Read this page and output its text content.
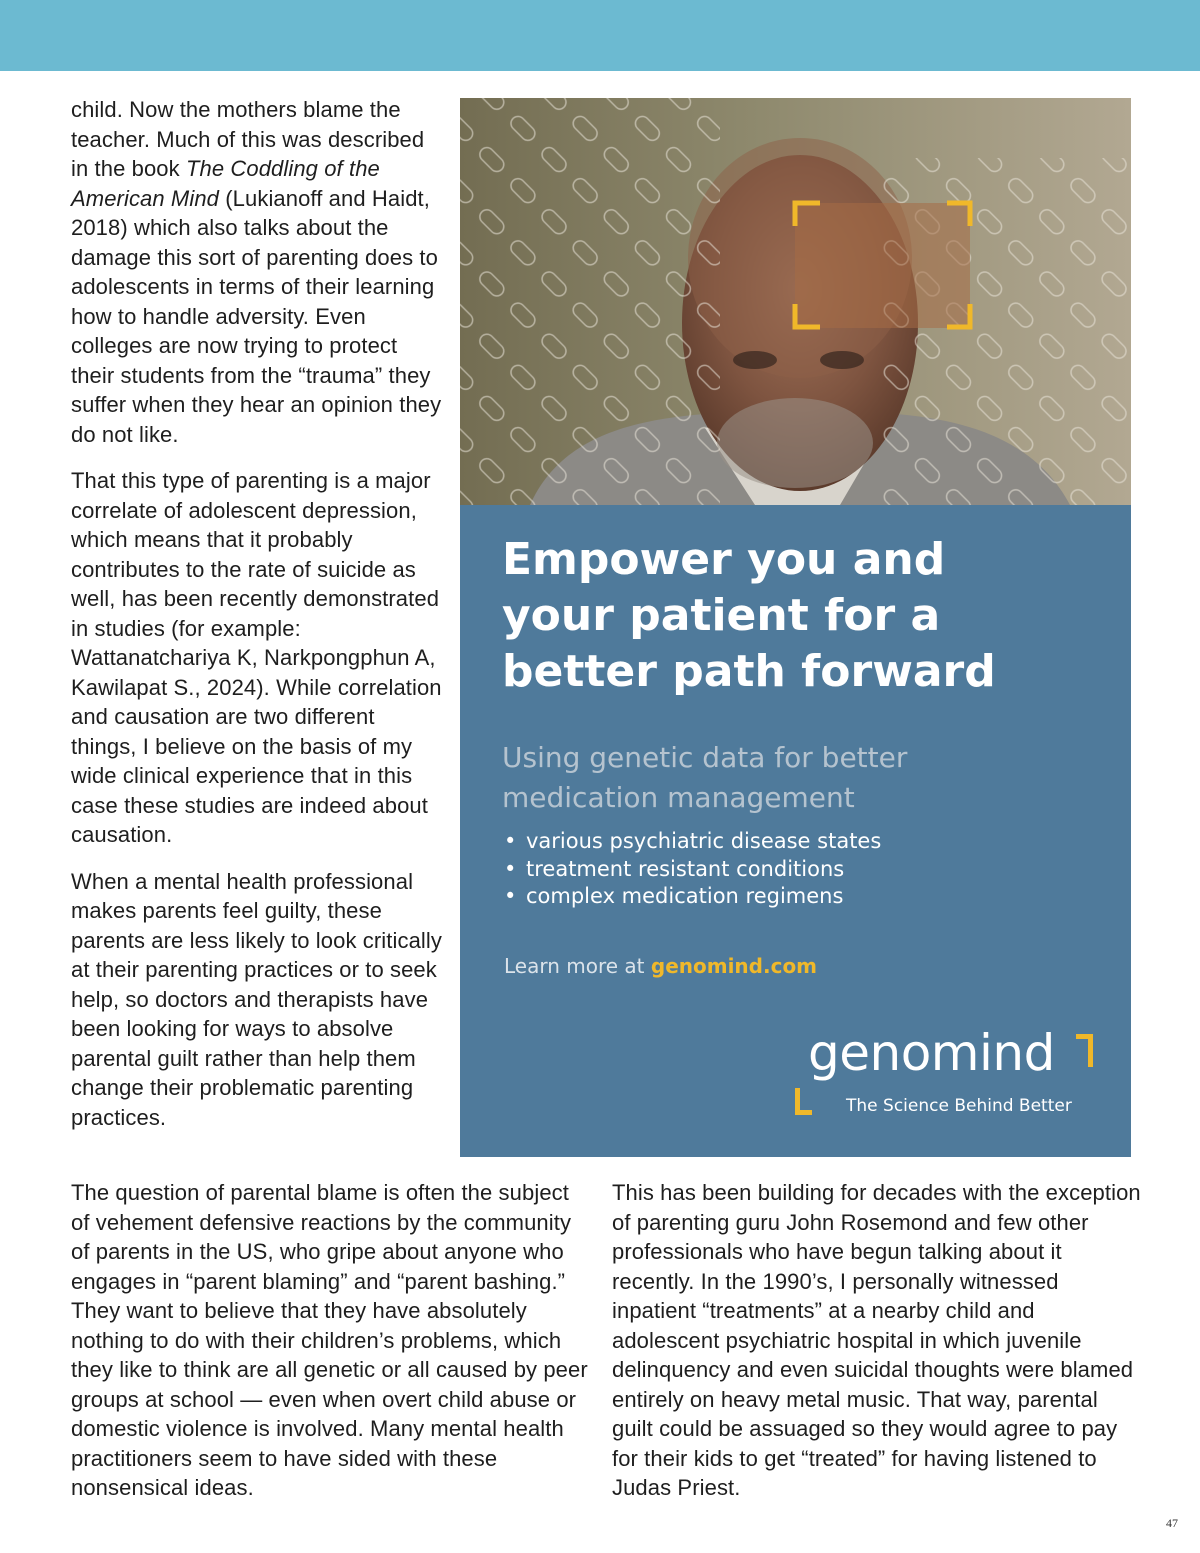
child. Now the mothers blame the teacher. Much of this was described in the book The Coddling of the American Mind (Lukianoff and Haidt, 2018) which also talks about the damage this sort of parenting does to adolescents in terms of their learning how to handle adversity. Even colleges are now trying to protect their students from the “trauma” they suffer when they hear an opinion they do not like.

That this type of parenting is a major correlate of adolescent depression, which means that it probably contributes to the rate of suicide as well, has been recently demonstrated in studies (for example: Wattanatchariya K, Narkpongphun A, Kawilapat S., 2024). While correlation and causation are two different things, I believe on the basis of my wide clinical experience that in this case these studies are indeed about causation.

When a mental health professional makes parents feel guilty, these parents are less likely to look critically at their parenting practices or to seek help, so doctors and therapists have been looking for ways to absolve parental guilt rather than help them change their problematic parenting practices.

Empower you and
your patient for a
better path forward
Using genetic data for better
medication management
• various psychiatric disease states
• treatment resistant conditions
• complex medication regimens
Learn more at genomind.com
genomind
The Science Behind Better

The question of parental blame is often the subject of vehement defensive reactions by the community of parents in the US, who gripe about anyone who engages in “parent blaming” and “parent bashing.” They want to believe that they have absolutely nothing to do with their children’s problems, which they like to think are all genetic or all caused by peer groups at school — even when overt child abuse or domestic violence is involved. Many mental health practitioners seem to have sided with these nonsensical ideas.

This has been building for decades with the exception of parenting guru John Rosemond and few other professionals who have begun talking about it recently. In the 1990’s, I personally witnessed inpatient “treatments” at a nearby child and adolescent psychiatric hospital in which juvenile delinquency and even suicidal thoughts were blamed entirely on heavy metal music. That way, parental guilt could be assuaged so they would agree to pay for their kids to get “treated” for having listened to Judas Priest.

47
